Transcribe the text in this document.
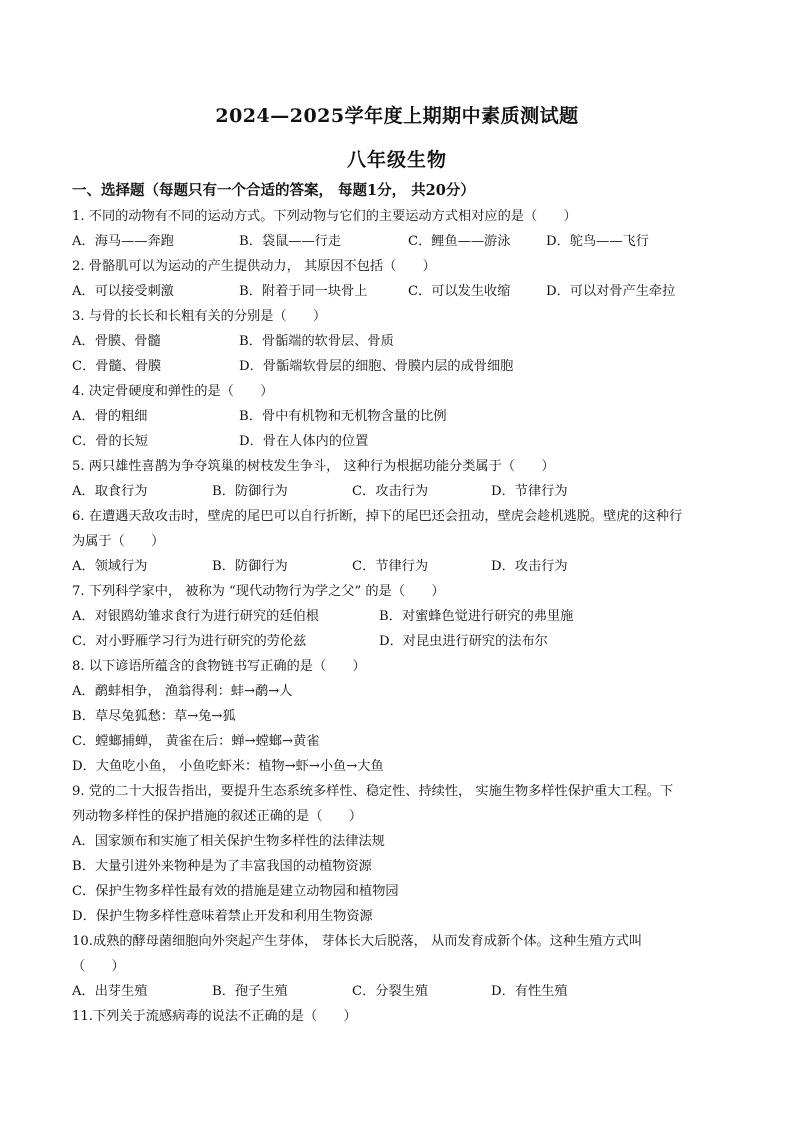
2024—2025学年度上期期中素质测试题
八年级生物
一、选择题（每题只有一个合适的答案， 每题1分， 共20分）
1. 不同的动物有不同的运动方式。下列动物与它们的主要运动方式相对应的是（　　）
A．海马——奔跑	B．袋鼠——行走	C．鲤鱼——游泳	D．鸵鸟——飞行
2. 骨骼肌可以为运动的产生提供动力， 其原因不包括（　　）
A．可以接受刺激	B．附着于同一块骨上	C．可以发生收缩	D．可以对骨产生牵拉
3. 与骨的长长和长粗有关的分别是（　　）
A．骨膜、骨髓	B．骨骺端的软骨层、骨质
C．骨髓、骨膜	D．骨骺端软骨层的细胞、骨膜内层的成骨细胞
4. 决定骨硬度和弹性的是（　　）
A．骨的粗细	B．骨中有机物和无机物含量的比例
C．骨的长短	D．骨在人体内的位置
5. 两只雄性喜鹊为争夺筑巢的树枝发生争斗， 这种行为根据功能分类属于（　　）
A．取食行为	B．防御行为	C．攻击行为	D．节律行为
6. 在遭遇天敌攻击时，壁虎的尾巴可以自行折断，掉下的尾巴还会扭动，壁虎会趁机逃脱。壁虎的这种行
为属于（　　）
A．领域行为	B．防御行为	C．节律行为	D．攻击行为
7. 下列科学家中， 被称为 “现代动物行为学之父” 的是（　　）
A．对银鸥幼雏求食行为进行研究的廷伯根	B．对蜜蜂色觉进行研究的弗里施
C．对小野雁学习行为进行研究的劳伦兹	D．对昆虫进行研究的法布尔
8. 以下谚语所蕴含的食物链书写正确的是（　　）
A．鹬蚌相争， 渔翁得利：蚌→鹬→人
B．草尽兔狐愁：草→兔→狐
C．螳螂捕蝉， 黄雀在后：蝉→螳螂→黄雀
D．大鱼吃小鱼， 小鱼吃虾米：植物→虾→小鱼→大鱼
9. 党的二十大报告指出，要提升生态系统多样性、稳定性、持续性， 实施生物多样性保护重大工程。下
列动物多样性的保护措施的叙述正确的是（　　）
A．国家颁布和实施了相关保护生物多样性的法律法规
B．大量引进外来物种是为了丰富我国的动植物资源
C．保护生物多样性最有效的措施是建立动物园和植物园
D．保护生物多样性意味着禁止开发和利用生物资源
10.成熟的酵母菌细胞向外突起产生芽体， 芽体长大后脱落， 从而发育成新个体。这种生殖方式叫
（　　）
A．出芽生殖	B．孢子生殖	C．分裂生殖	D．有性生殖
11.下列关于流感病毒的说法不正确的是（　　）
